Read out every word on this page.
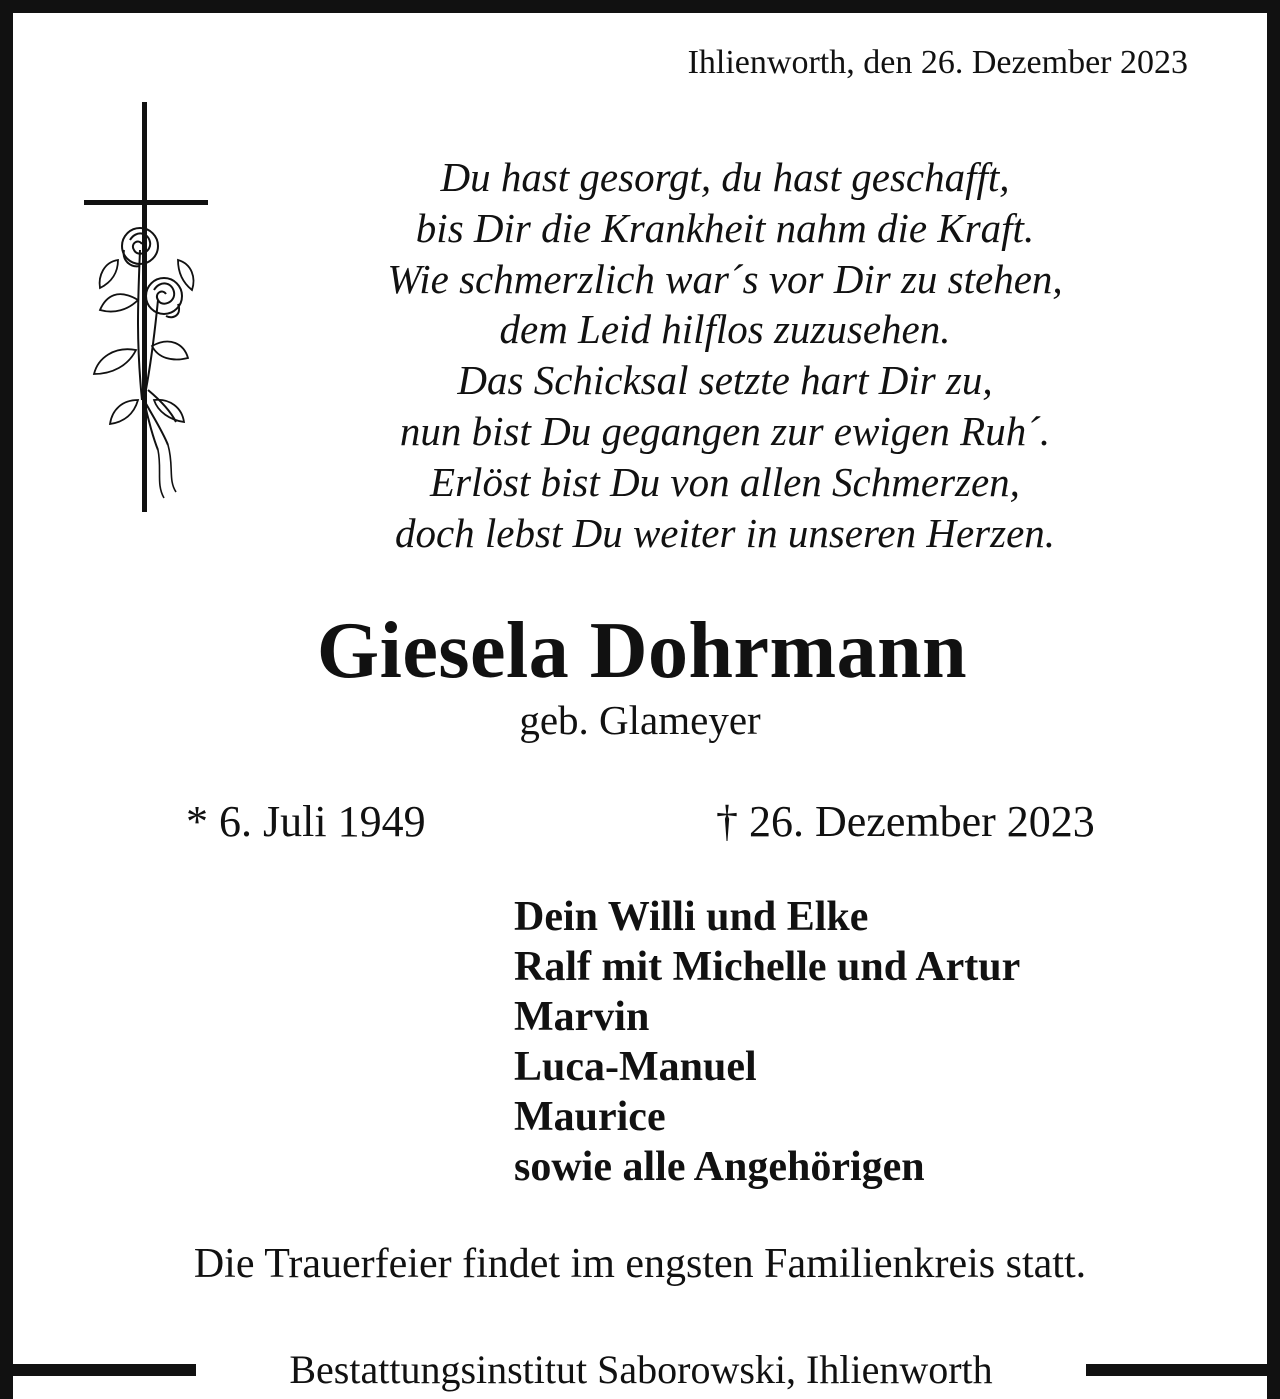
Ihlienworth, den 26. Dezember 2023
Du hast gesorgt, du hast geschafft,
bis Dir die Krankheit nahm die Kraft.
Wie schmerzlich war´s vor Dir zu stehen,
dem Leid hilflos zuzusehen.
Das Schicksal setzte hart Dir zu,
nun bist Du gegangen zur ewigen Ruh´.
Erlöst bist Du von allen Schmerzen,
doch lebst Du weiter in unseren Herzen.
Giesela Dohrmann
geb. Glameyer
* 6. Juli 1949	† 26. Dezember 2023
Dein Willi und Elke
Ralf mit Michelle und Artur
Marvin
Luca-Manuel
Maurice
sowie alle Angehörigen
Die Trauerfeier findet im engsten Familienkreis statt.
Bestattungsinstitut Saborowski, Ihlienworth
